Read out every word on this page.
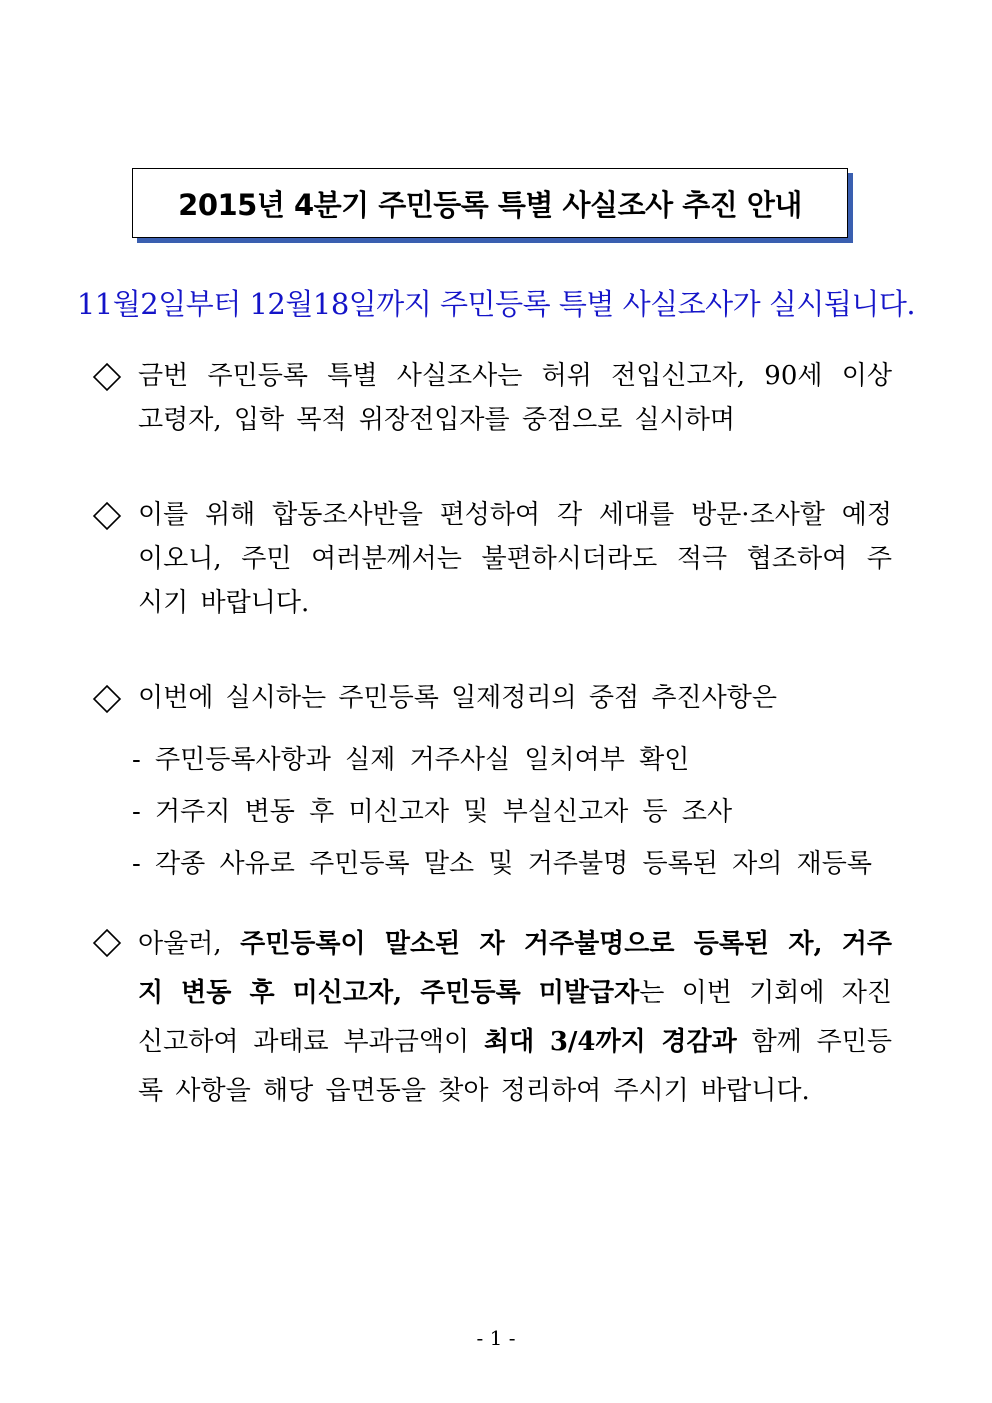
2015년 4분기 주민등록 특별 사실조사 추진 안내
11월2일부터 12월18일까지 주민등록 특별 사실조사가 실시됩니다.
금번 주민등록 특별 사실조사는 허위 전입신고자, 90세 이상
고령자, 입학 목적 위장전입자를 중점으로 실시하며
이를 위해 합동조사반을 편성하여 각 세대를 방문·조사할 예정
이오니, 주민 여러분께서는 불편하시더라도 적극 협조하여 주
시기 바랍니다.
이번에 실시하는 주민등록 일제정리의 중점 추진사항은
- 주민등록사항과 실제 거주사실 일치여부 확인
- 거주지 변동 후 미신고자 및 부실신고자 등 조사
- 각종 사유로 주민등록 말소 및 거주불명 등록된 자의 재등록
아울러, 주민등록이 말소된 자 거주불명으로 등록된 자, 거주
지 변동 후 미신고자, 주민등록 미발급자는 이번 기회에 자진
신고하여 과태료 부과금액이 최대 3/4까지 경감과 함께 주민등
록 사항을 해당 읍면동을 찾아 정리하여 주시기 바랍니다.
- 1 -
